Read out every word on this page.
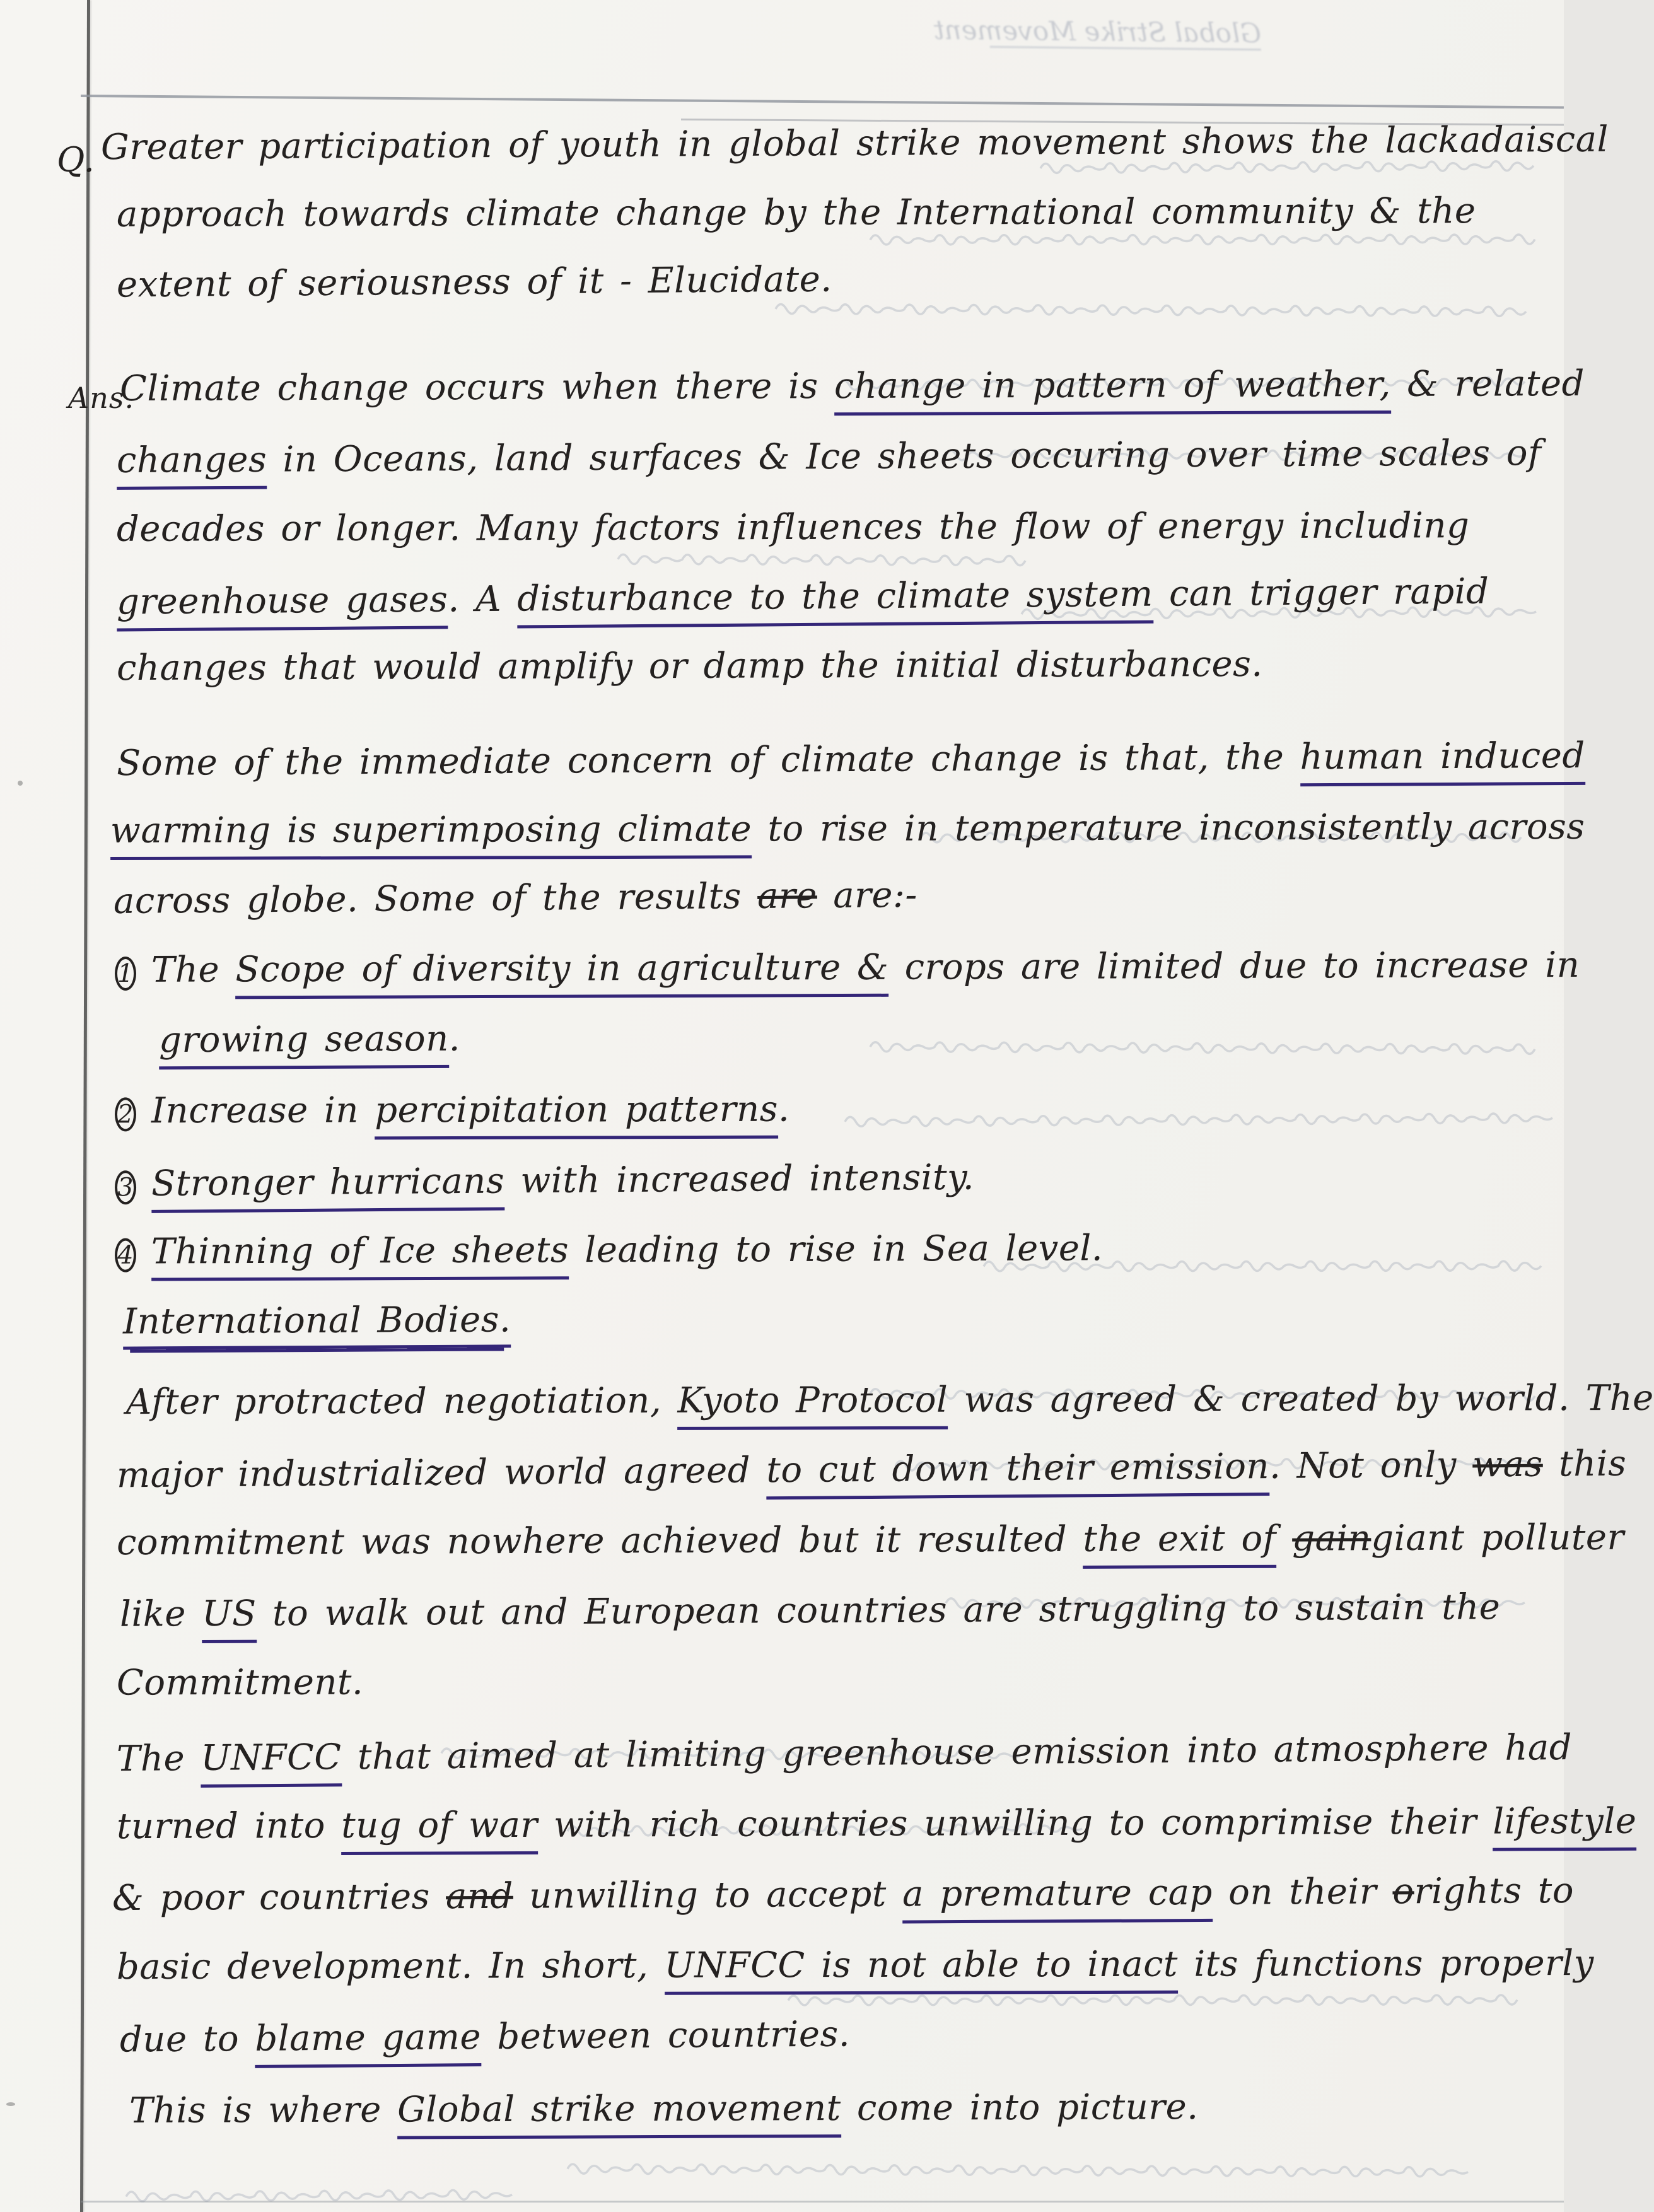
Global Strike Movement
Q.
Ans.
Greater participation of youth in global strike movement shows the lackadaiscal
approach towards climate change by the International community & the
extent of seriousness of it - Elucidate.
Climate change occurs when there is change in pattern of weather, & related
changes in Oceans, land surfaces & Ice sheets occuring over time scales of
decades or longer. Many factors influences the flow of energy including
greenhouse gases. A disturbance to the climate system can trigger rapid
changes that would amplify or damp the initial disturbances.
Some of the immediate concern of climate change is that, the human induced
warming is superimposing climate to rise in temperature inconsistently across
across globe. Some of the results are are:-
1 The Scope of diversity in agriculture & crops are limited due to increase in
growing season.
2 Increase in percipitation patterns.
3 Stronger hurricans with increased intensity.
4 Thinning of Ice sheets leading to rise in Sea level.
International Bodies.
After protracted negotiation, Kyoto Protocol was agreed & created by world. The
major industrialized world agreed to cut down their emission. Not only was this
commitment was nowhere achieved but it resulted the exit of gaingiant polluter
like US to walk out and European countries are struggling to sustain the
Commitment.
The UNFCC that aimed at limiting greenhouse emission into atmosphere had
turned into tug of war with rich countries unwilling to comprimise their lifestyle
& poor countries and unwilling to accept a premature cap on their orights to
basic development. In short, UNFCC is not able to inact its functions properly
due to blame game between countries.
This is where Global strike movement come into picture.
